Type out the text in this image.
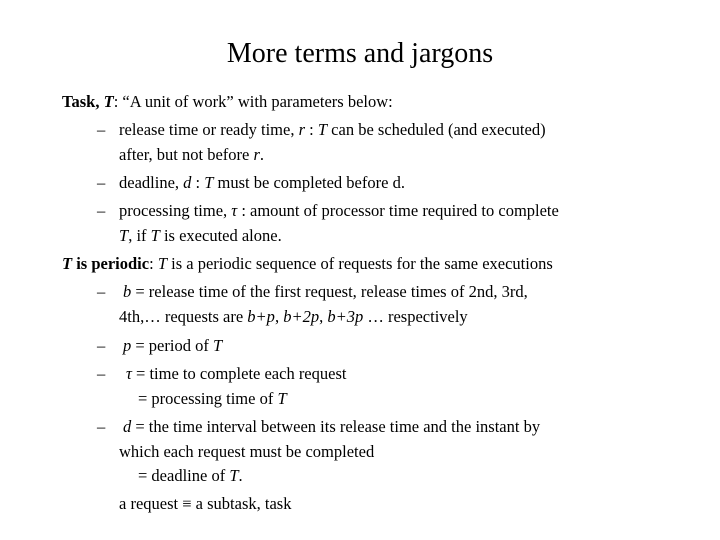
More terms and jargons
Task, T: “A unit of work” with parameters below:
– release time or ready time, r : T can be scheduled (and executed)
after, but not before r.
– deadline, d : T must be completed before d.
– processing time, τ : amount of processor time required to complete
T, if T is executed alone.
T is periodic: T is a periodic sequence of requests for the same executions
– b = release time of the first request, release times of 2nd, 3rd,
4th,… requests are b+p, b+2p, b+3p … respectively
– p = period of T
– τ = time to complete each request
= processing time of T
– d = the time interval between its release time and the instant by
which each request must be completed
= deadline of T.
a request ≡ a subtask, task
